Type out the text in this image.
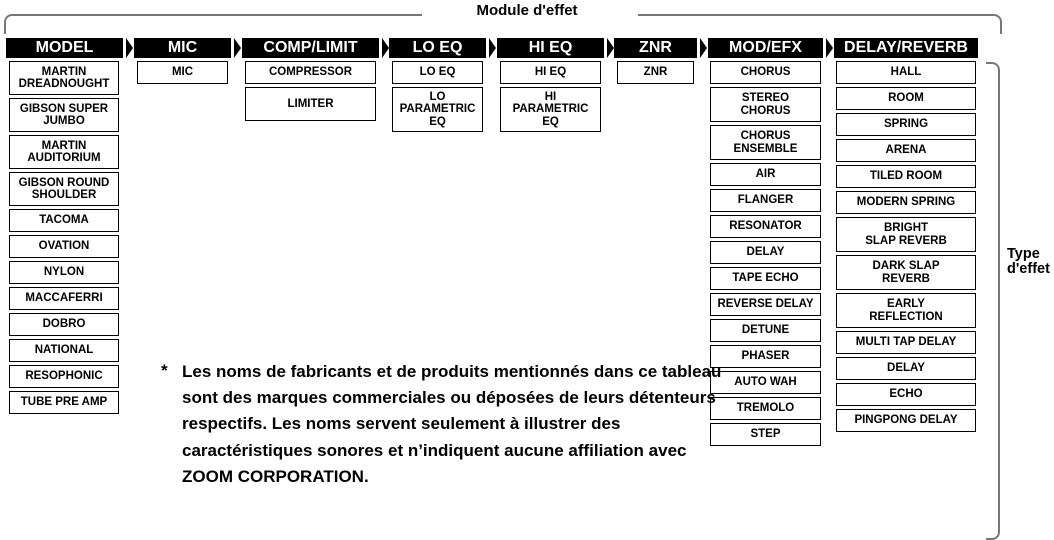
Module d'effet
Type
d'effet
MODEL
MARTIN
DREADNOUGHT
GIBSON SUPER
JUMBO
MARTIN
AUDITORIUM
GIBSON ROUND
SHOULDER
TACOMA
OVATION
NYLON
MACCAFERRI
DOBRO
NATIONAL
RESOPHONIC
TUBE PRE AMP
MIC
MIC
COMP/LIMIT
COMPRESSOR
LIMITER
LO EQ
LO EQ
LO
PARAMETRIC
EQ
HI EQ
HI EQ
HI
PARAMETRIC
EQ
ZNR
ZNR
MOD/EFX
CHORUS
STEREO
CHORUS
CHORUS
ENSEMBLE
AIR
FLANGER
RESONATOR
DELAY
TAPE ECHO
REVERSE DELAY
DETUNE
PHASER
AUTO WAH
TREMOLO
STEP
DELAY/REVERB
HALL
ROOM
SPRING
ARENA
TILED ROOM
MODERN SPRING
BRIGHT
SLAP REVERB
DARK SLAP
REVERB
EARLY
REFLECTION
MULTI TAP DELAY
DELAY
ECHO
PINGPONG DELAY
* Les noms de fabricants et de produits mentionnés dans ce tableau sont des marques commerciales ou déposées de leurs détenteurs respectifs. Les noms servent seulement à illustrer des caractéristiques sonores et n’indiquent aucune affiliation avec ZOOM CORPORATION.
